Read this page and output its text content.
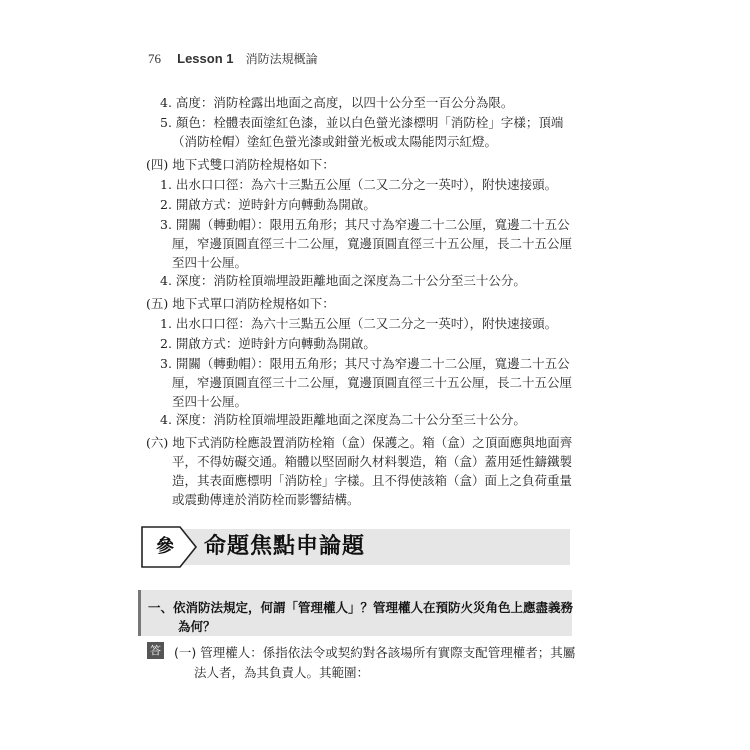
76 Lesson 1 消防法規概論
4. 高度：消防栓露出地面之高度，以四十公分至一百公分為限。
5. 顏色：栓體表面塗紅色漆，並以白色螢光漆標明「消防栓」字樣；頂端
（消防栓帽）塗紅色螢光漆或鉗螢光板或太陽能閃示紅燈。
(四) 地下式雙口消防栓規格如下：
1. 出水口口徑：為六十三點五公厘（二又二分之一英吋），附快速接頭。
2. 開啟方式：逆時針方向轉動為開啟。
3. 開關（轉動帽）：限用五角形；其尺寸為窄邊二十二公厘，寬邊二十五公
厘，窄邊頂圓直徑三十二公厘，寬邊頂圓直徑三十五公厘，長二十五公厘
至四十公厘。
4. 深度：消防栓頂端埋設距離地面之深度為二十公分至三十公分。
(五) 地下式單口消防栓規格如下：
1. 出水口口徑：為六十三點五公厘（二又二分之一英吋），附快速接頭。
2. 開啟方式：逆時針方向轉動為開啟。
3. 開關（轉動帽）：限用五角形；其尺寸為窄邊二十二公厘，寬邊二十五公
厘，窄邊頂圓直徑三十二公厘，寬邊頂圓直徑三十五公厘，長二十五公厘
至四十公厘。
4. 深度：消防栓頂端埋設距離地面之深度為二十公分至三十公分。
(六) 地下式消防栓應設置消防栓箱（盒）保護之。箱（盒）之頂面應與地面齊
平，不得妨礙交通。箱體以堅固耐久材料製造，箱（盒）蓋用延性鑄鐵製
造，其表面應標明「消防栓」字樣。且不得使該箱（盒）面上之負荷重量
或震動傳達於消防栓而影響結構。
參	命題焦點申論題
一、依消防法規定，何謂「管理權人」？管理權人在預防火災角色上應盡義務
為何？
答 (一) 管理權人：係指依法令或契約對各該場所有實際支配管理權者；其屬
法人者，為其負責人。其範圍：
